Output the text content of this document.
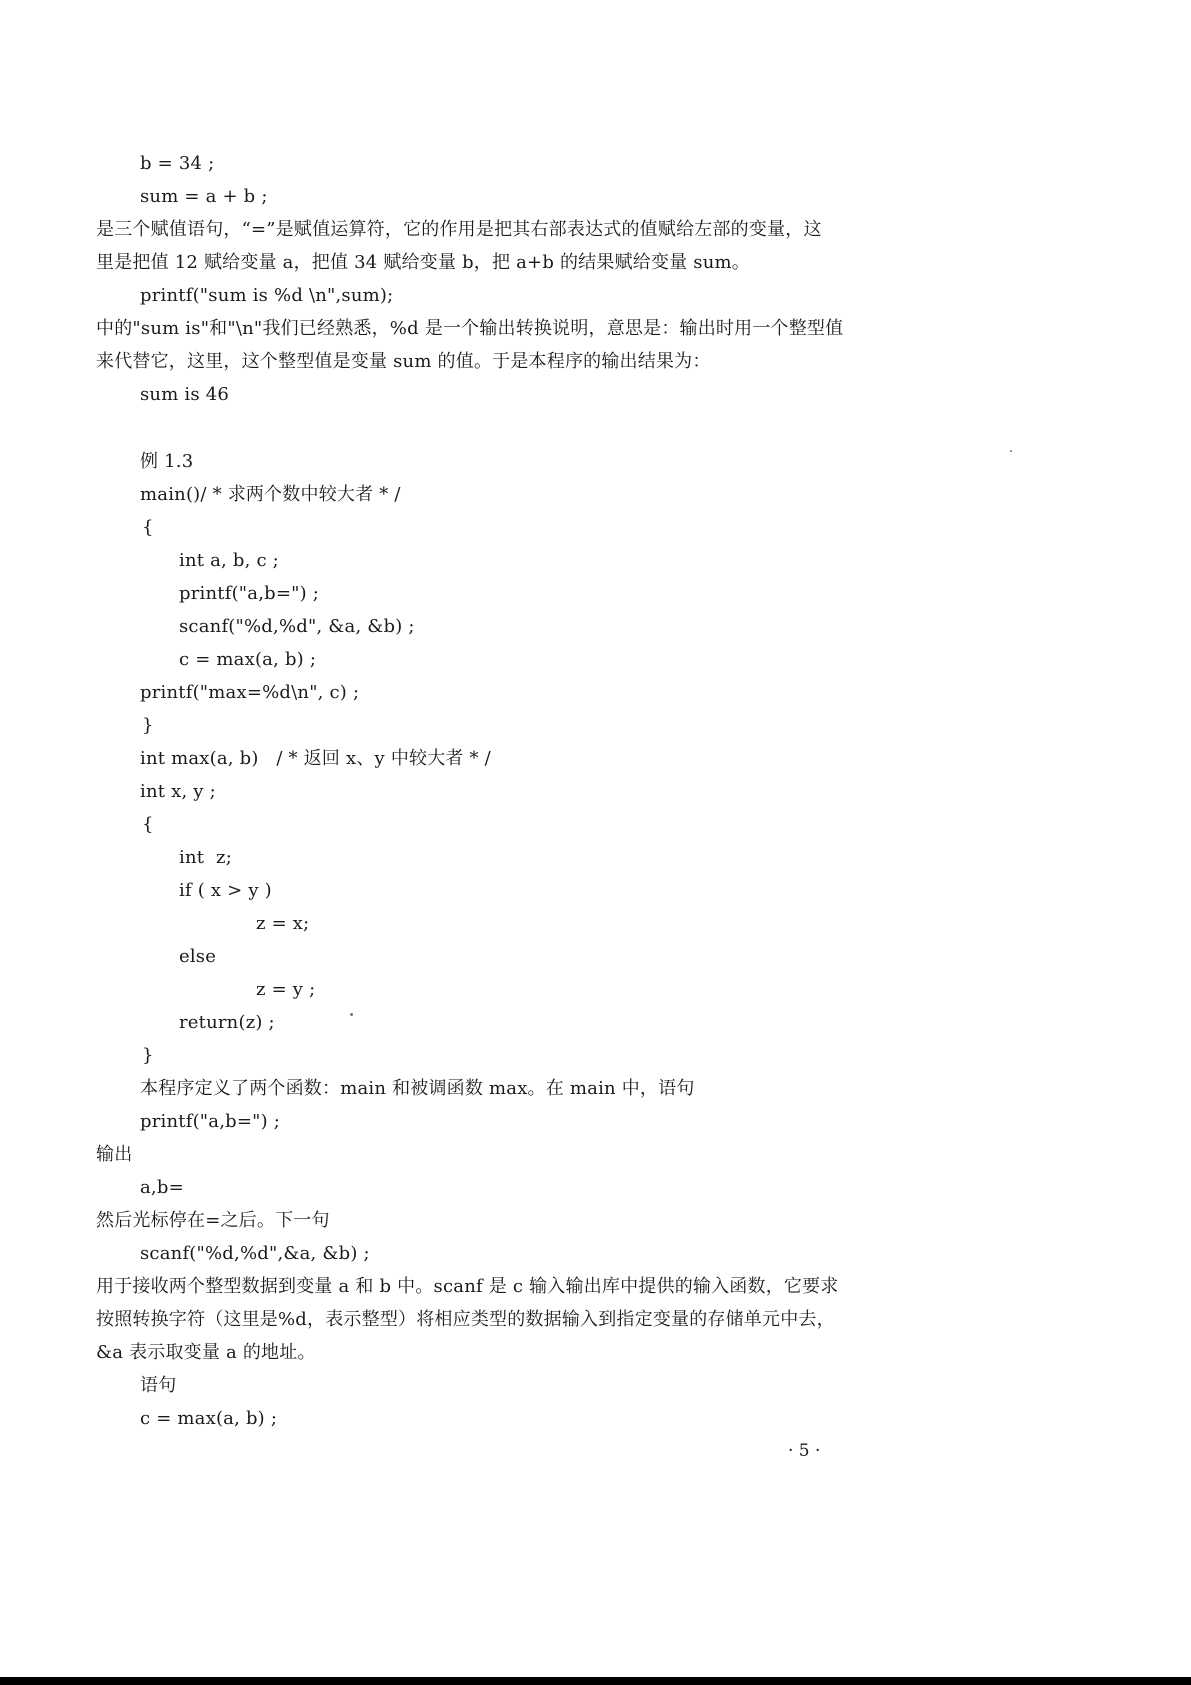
b = 34 ;
sum = a + b ;
是三个赋值语句，“=”是赋值运算符，它的作用是把其右部表达式的值赋给左部的变量，这
里是把值 12 赋给变量 a，把值 34 赋给变量 b，把 a+b 的结果赋给变量 sum。
printf("sum is %d \n",sum);
中的"sum is"和"\n"我们已经熟悉，%d 是一个输出转换说明，意思是：输出时用一个整型值
来代替它，这里，这个整型值是变量 sum 的值。于是本程序的输出结果为：
sum is 46
例 1.3
main()/ * 求两个数中较大者 * /
{
int a, b, c ;
printf("a,b=") ;
scanf("%d,%d", &a, &b) ;
c = max(a, b) ;
printf("max=%d\n", c) ;
}
int max(a, b)   / * 返回 x、y 中较大者 * /
int x, y ;
{
int  z;
if ( x > y )
z = x;
else
z = y ;
return(z) ;
}
本程序定义了两个函数：main 和被调函数 max。在 main 中，语句
printf("a,b=") ;
输出
a,b=
然后光标停在=之后。下一句
scanf("%d,%d",&a, &b) ;
用于接收两个整型数据到变量 a 和 b 中。scanf 是 c 输入输出库中提供的输入函数，它要求
按照转换字符（这里是%d，表示整型）将相应类型的数据输入到指定变量的存储单元中去，
&a 表示取变量 a 的地址。
语句
c = max(a, b) ;
· 5 ·
